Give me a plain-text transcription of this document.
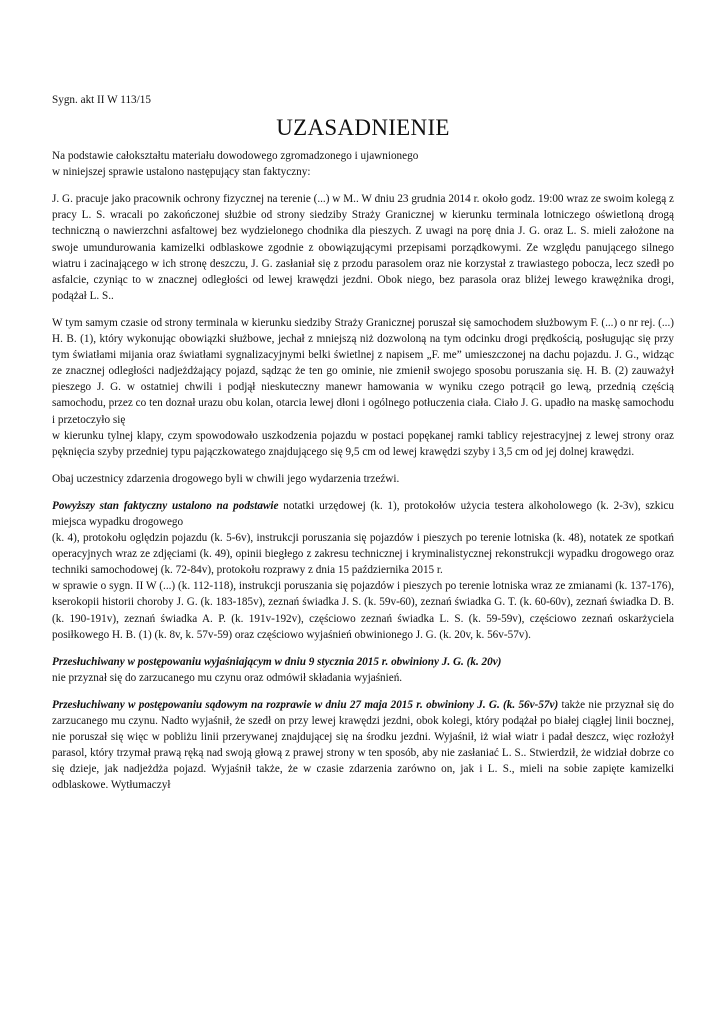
Sygn. akt II W 113/15

UZASADNIENIE

Na podstawie całokształtu materiału dowodowego zgromadzonego i ujawnionego

w niniejszej sprawie ustalono następujący stan faktyczny:

J. G. pracuje jako pracownik ochrony fizycznej na terenie (...) w M.. W dniu 23 grudnia 2014 r. około godz. 19:00 wraz ze swoim kolegą z pracy L. S. wracali po zakończonej służbie od strony siedziby Straży Granicznej w kierunku terminala lotniczego oświetloną drogą techniczną o nawierzchni asfaltowej bez wydzielonego chodnika dla pieszych. Z uwagi na porę dnia J. G. oraz L. S. mieli założone na swoje umundurowania kamizelki odblaskowe zgodnie z obowiązującymi przepisami porządkowymi. Ze względu panującego silnego wiatru i zacinającego w ich stronę deszczu, J. G. zasłaniał się z przodu parasolem oraz nie korzystał z trawiastego pobocza, lecz szedł po asfalcie, czyniąc to w znacznej odległości od lewej krawędzi jezdni. Obok niego, bez parasola oraz bliżej lewego krawężnika drogi, podążał L. S..

W tym samym czasie od strony terminala w kierunku siedziby Straży Granicznej poruszał się samochodem służbowym F. (...) o nr rej. (...) H. B. (1), który wykonując obowiązki służbowe, jechał z mniejszą niż dozwoloną na tym odcinku drogi prędkością, posługując się przy tym światłami mijania oraz światłami sygnalizacyjnymi belki świetlnej z napisem „F. me” umieszczonej na dachu pojazdu. J. G., widząc ze znacznej odległości nadjeżdżający pojazd, sądząc że ten go ominie, nie zmienił swojego sposobu poruszania się. H. B. (2) zauważył pieszego J. G. w ostatniej chwili i podjął nieskuteczny manewr hamowania w wyniku czego potrącił go lewą, przednią częścią samochodu, przez co ten doznał urazu obu kolan, otarcia lewej dłoni i ogólnego potłuczenia ciała. Ciało J. G. upadło na maskę samochodu i przetoczyło się

w kierunku tylnej klapy, czym spowodowało uszkodzenia pojazdu w postaci popękanej ramki tablicy rejestracyjnej z lewej strony oraz pęknięcia szyby przedniej typu pajączkowatego znajdującego się 9,5 cm od lewej krawędzi szyby i 3,5 cm od jej dolnej krawędzi.

Obaj uczestnicy zdarzenia drogowego byli w chwili jego wydarzenia trzeźwi.

Powyższy stan faktyczny ustalono na podstawie notatki urzędowej (k. 1), protokołów użycia testera alkoholowego (k. 2-3v), szkicu miejsca wypadku drogowego

(k. 4), protokołu oględzin pojazdu (k. 5-6v), instrukcji poruszania się pojazdów i pieszych po terenie lotniska (k. 48), notatek ze spotkań operacyjnych wraz ze zdjęciami (k. 49), opinii biegłego z zakresu technicznej i kryminalistycznej rekonstrukcji wypadku drogowego oraz techniki samochodowej (k. 72-84v), protokołu rozprawy z dnia 15 października 2015 r.

w sprawie o sygn. II W (...) (k. 112-118), instrukcji poruszania się pojazdów i pieszych po terenie lotniska wraz ze zmianami (k. 137-176), kserokopii historii choroby J. G. (k. 183-185v), zeznań świadka J. S. (k. 59v-60), zeznań świadka G. T. (k. 60-60v), zeznań świadka D. B. (k. 190-191v), zeznań świadka A. P. (k. 191v-192v), częściowo zeznań świadka L. S. (k. 59-59v), częściowo zeznań oskarżyciela posiłkowego H. B. (1) (k. 8v, k. 57v-59) oraz częściowo wyjaśnień obwinionego J. G. (k. 20v, k. 56v-57v).

Przesłuchiwany w postępowaniu wyjaśniającym w dniu 9 stycznia 2015 r. obwiniony J. G. (k. 20v)

nie przyznał się do zarzucanego mu czynu oraz odmówił składania wyjaśnień.

Przesłuchiwany w postępowaniu sądowym na rozprawie w dniu 27 maja 2015 r. obwiniony J. G. (k. 56v-57v) także nie przyznał się do zarzucanego mu czynu. Nadto wyjaśnił, że szedł on przy lewej krawędzi jezdni, obok kolegi, który podążał po białej ciągłej linii bocznej, nie poruszał się więc w pobliżu linii przerywanej znajdującej się na środku jezdni. Wyjaśnił, iż wiał wiatr i padał deszcz, więc rozłożył parasol, który trzymał prawą ręką nad swoją głową z prawej strony w ten sposób, aby nie zasłaniać L. S.. Stwierdził, że widział dobrze co się dzieje, jak nadjeżdża pojazd. Wyjaśnił także, że w czasie zdarzenia zarówno on, jak i L. S., mieli na sobie zapięte kamizelki odblaskowe. Wytłumaczył
